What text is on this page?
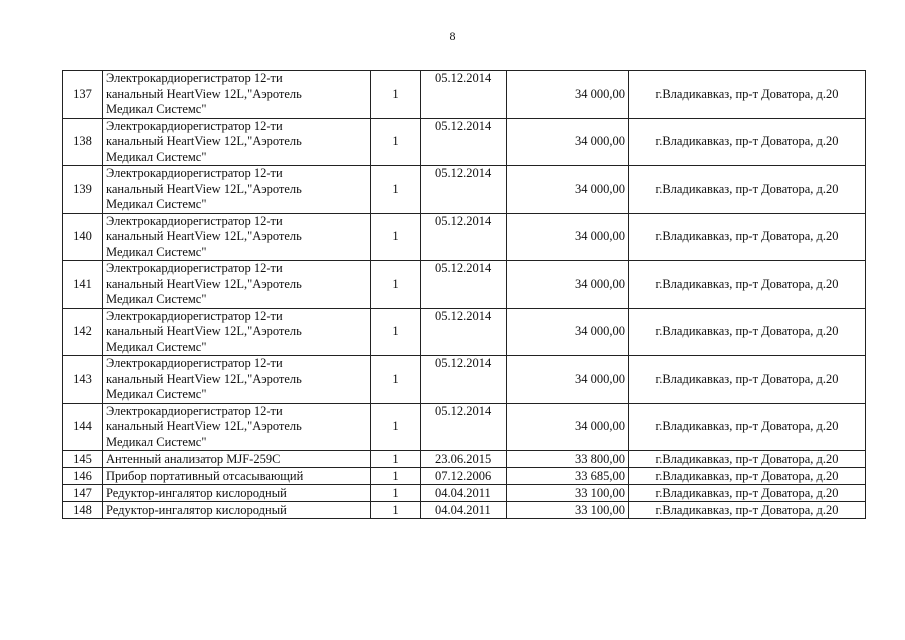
8
137	Электрокардиорегистратор 12-ти
канальный HeartView 12L,"Аэротель
Медикал Системс"	1	05.12.2014	34 000,00	г.Владикавказ, пр-т Доватора, д.20
138	Электрокардиорегистратор 12-ти
канальный HeartView 12L,"Аэротель
Медикал Системс"	1	05.12.2014	34 000,00	г.Владикавказ, пр-т Доватора, д.20
139	Электрокардиорегистратор 12-ти
канальный HeartView 12L,"Аэротель
Медикал Системс"	1	05.12.2014	34 000,00	г.Владикавказ, пр-т Доватора, д.20
140	Электрокардиорегистратор 12-ти
канальный HeartView 12L,"Аэротель
Медикал Системс"	1	05.12.2014	34 000,00	г.Владикавказ, пр-т Доватора, д.20
141	Электрокардиорегистратор 12-ти
канальный HeartView 12L,"Аэротель
Медикал Системс"	1	05.12.2014	34 000,00	г.Владикавказ, пр-т Доватора, д.20
142	Электрокардиорегистратор 12-ти
канальный HeartView 12L,"Аэротель
Медикал Системс"	1	05.12.2014	34 000,00	г.Владикавказ, пр-т Доватора, д.20
143	Электрокардиорегистратор 12-ти
канальный HeartView 12L,"Аэротель
Медикал Системс"	1	05.12.2014	34 000,00	г.Владикавказ, пр-т Доватора, д.20
144	Электрокардиорегистратор 12-ти
канальный HeartView 12L,"Аэротель
Медикал Системс"	1	05.12.2014	34 000,00	г.Владикавказ, пр-т Доватора, д.20
145	Антенный анализатор MJF-259C	1	23.06.2015	33 800,00	г.Владикавказ, пр-т Доватора, д.20
146	Прибор портативный отсасывающий	1	07.12.2006	33 685,00	г.Владикавказ, пр-т Доватора, д.20
147	Редуктор-ингалятор кислородный	1	04.04.2011	33 100,00	г.Владикавказ, пр-т Доватора, д.20
148	Редуктор-ингалятор кислородный	1	04.04.2011	33 100,00	г.Владикавказ, пр-т Доватора, д.20
